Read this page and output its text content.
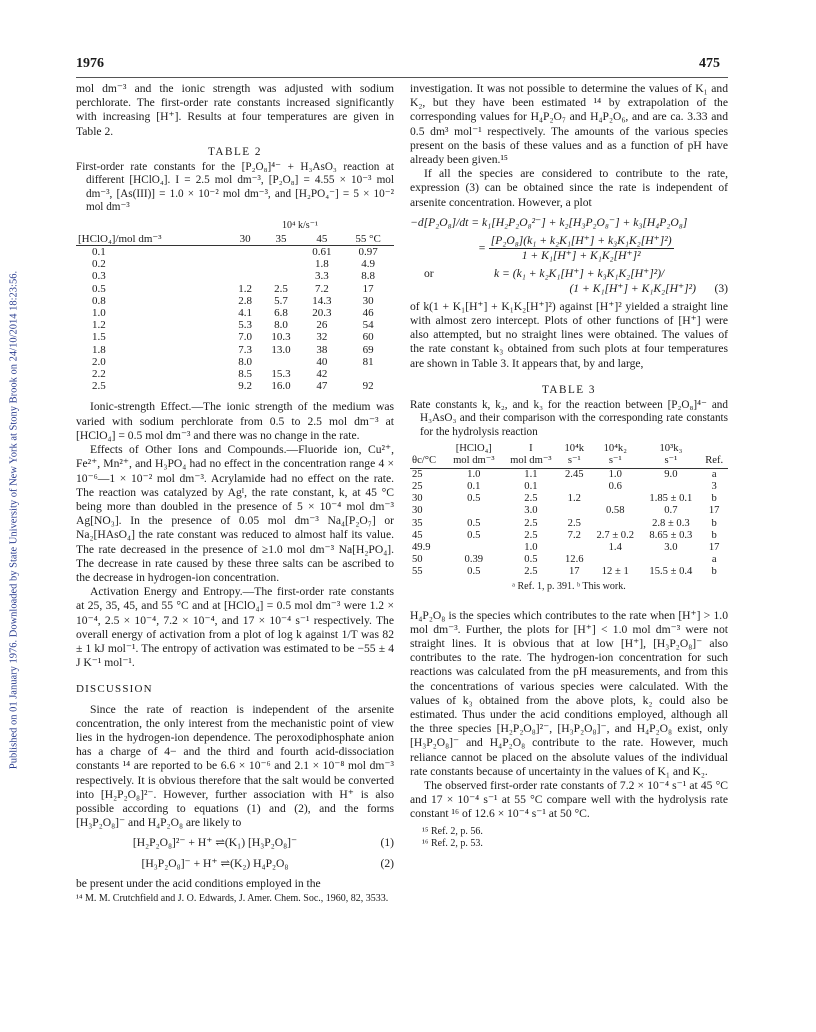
Published on 01 January 1976. Downloaded by State University of New York at Stony Brook on 24/10/2014 18:23:56.
1976	475

mol dm⁻³ and the ionic strength was adjusted with sodium perchlorate. The first-order rate constants increased significantly with increasing [H⁺]. Results at four temperatures are given in Table 2.

TABLE 2
First-order rate constants for the [P₂O₈]⁴⁻ + H₃AsO₃ reaction at different [HClO₄]. I = 2.5 mol dm⁻³, [P₂O₈] = 4.55 × 10⁻³ mol dm⁻³, [As(III)] = 1.0 × 10⁻² mol dm⁻³, and [H₂PO₄⁻] = 5 × 10⁻² mol dm⁻³
10⁴ k/s⁻¹
[HClO₄]/mol dm⁻³	30	35	45	55 °C
0.1			0.61	0.97
0.2			1.8	4.9
0.3			3.3	8.8
0.5	1.2	2.5	7.2	17
0.8	2.8	5.7	14.3	30
1.0	4.1	6.8	20.3	46
1.2	5.3	8.0	26	54
1.5	7.0	10.3	32	60
1.8	7.3	13.0	38	69
2.0	8.0		40	81
2.2	8.5	15.3	42	
2.5	9.2	16.0	47	92

Ionic-strength Effect.—The ionic strength of the medium was varied with sodium perchlorate from 0.5 to 2.5 mol dm⁻³ at [HClO₄] = 0.5 mol dm⁻³ and there was no change in the rate.

Effects of Other Ions and Compounds.—Fluoride ion, Cu²⁺, Fe²⁺, Mn²⁺, and H₃PO₄ had no effect in the concentration range 4 × 10⁻⁶—1 × 10⁻² mol dm⁻³. Acrylamide had no effect on the rate. The reaction was catalyzed by Agᴵ, the rate constant, k, at 45 °C being more than doubled in the presence of 5 × 10⁻⁴ mol dm⁻³ Ag[NO₃]. In the presence of 0.05 mol dm⁻³ Na₄[P₂O₇] or Na₂[HAsO₄] the rate constant was reduced to almost half its value. The rate decreased in the presence of ≥1.0 mol dm⁻³ Na[H₂PO₄]. The decrease in rate caused by these three salts can be ascribed to the decrease in hydrogen-ion concentration.

Activation Energy and Entropy.—The first-order rate constants at 25, 35, 45, and 55 °C and at [HClO₄] = 0.5 mol dm⁻³ were 1.2 × 10⁻⁴, 2.5 × 10⁻⁴, 7.2 × 10⁻⁴, and 17 × 10⁻⁴ s⁻¹ respectively. The overall energy of activation from a plot of log k against 1/T was 82 ± 1 kJ mol⁻¹. The entropy of activation was estimated to be −55 ± 4 J K⁻¹ mol⁻¹.

DISCUSSION

Since the rate of reaction is independent of the arsenite concentration, the only interest from the mechanistic point of view lies in the hydrogen-ion dependence. The peroxodiphosphate anion has a charge of 4− and the third and fourth acid-dissociation constants ¹⁴ are reported to be 6.6 × 10⁻⁶ and 2.1 × 10⁻⁸ mol dm⁻³ respectively. It is obvious therefore that the salt would be converted into [H₂P₂O₈]²⁻. However, further association with H⁺ is also possible according to equations (1) and (2), and the forms [H₃P₂O₈]⁻ and H₄P₂O₈ are likely to

[H₂P₂O₈]²⁻ + H⁺ ⇌(K₁) [H₃P₂O₈]⁻	(1)
[H₃P₂O₈]⁻ + H⁺ ⇌(K₂) H₄P₂O₈	(2)

be present under the acid conditions employed in the

¹⁴ M. M. Crutchfield and J. O. Edwards, J. Amer. Chem. Soc., 1960, 82, 3533.

investigation. It was not possible to determine the values of K₁ and K₂, but they have been estimated ¹⁴ by extrapolation of the corresponding values for H₄P₂O₇ and H₄P₂O₆, and are ca. 3.33 and 0.5 dm³ mol⁻¹ respectively. The amounts of the various species present on the basis of these values and as a function of pH have already been given.¹⁵

If all the species are considered to contribute to the rate, expression (3) can be obtained since the rate is independent of arsenite concentration. However, a plot

−d[P₂O₈]/dt = k₁[H₂P₂O₈²⁻] + k₂[H₃P₂O₈⁻] + k₃[H₄P₂O₈]
= $\frac{\text{[P₂O₈](k₁ + k₂K₁[H⁺] + k₃K₁K₂[H⁺]²)}}{\text{1 + K₁[H⁺] + K₁K₂[H⁺]²}}$
or	k = (k₁ + k₂K₁[H⁺] + k₃K₁K₂[H⁺]²)/
(1 + K₁[H⁺] + K₁K₂[H⁺]²)	(3)

of k(1 + K₁[H⁺] + K₁K₂[H⁺]²) against [H⁺]² yielded a straight line with almost zero intercept. Plots of other functions of [H⁺] were also attempted, but no straight lines were obtained. The values of the rate constant k₃ obtained from such plots at four temperatures are shown in Table 3. It appears that, by and large,

TABLE 3
Rate constants k, k₂, and k₃ for the reaction between [P₂O₈]⁴⁻ and H₃AsO₃ and their comparison with the corresponding rate constants for the hydrolysis reaction
	[HClO₄]	I	10⁴k	10⁴k₂	10³k₃	
θc/°C	mol dm⁻³	mol dm⁻³	s⁻¹	s⁻¹	s⁻¹	Ref.
25	1.0	1.1	2.45	1.0	9.0	a
25	0.1	0.1		0.6		3
30	0.5	2.5	1.2		1.85 ± 0.1	b
30		3.0		0.58	0.7	17
35	0.5	2.5	2.5		2.8 ± 0.3	b
45	0.5	2.5	7.2	2.7 ± 0.2	8.65 ± 0.3	b
49.9		1.0		1.4	3.0	17
50	0.39	0.5	12.6			a
55	0.5	2.5	17	12 ± 1	15.5 ± 0.4	b
ᵃ Ref. 1, p. 391. ᵇ This work.

H₄P₂O₈ is the species which contributes to the rate when [H⁺] > 1.0 mol dm⁻³. Further, the plots for [H⁺] < 1.0 mol dm⁻³ were not straight lines. It is obvious that at low [H⁺], [H₃P₂O₈]⁻ also contributes to the rate. The hydrogen-ion concentration for such reactions was calculated from the pH measurements, and from this the concentrations of various species were calculated. With the values of k₃ obtained from the above plots, k₂ could also be estimated. Thus under the acid conditions employed, although all the three species [H₂P₂O₈]²⁻, [H₃P₂O₈]⁻, and H₄P₂O₈ exist, only [H₃P₂O₈]⁻ and H₄P₂O₈ contribute to the rate. However, much reliance cannot be placed on the absolute values of the individual rate constants because of uncertainty in the values of K₁ and K₂.

The observed first-order rate constants of 7.2 × 10⁻⁴ s⁻¹ at 45 °C and 17 × 10⁻⁴ s⁻¹ at 55 °C compare well with the hydrolysis rate constant ¹⁶ of 12.6 × 10⁻⁴ s⁻¹ at 50 °C.

¹⁵ Ref. 2, p. 56.
¹⁶ Ref. 2, p. 53.
